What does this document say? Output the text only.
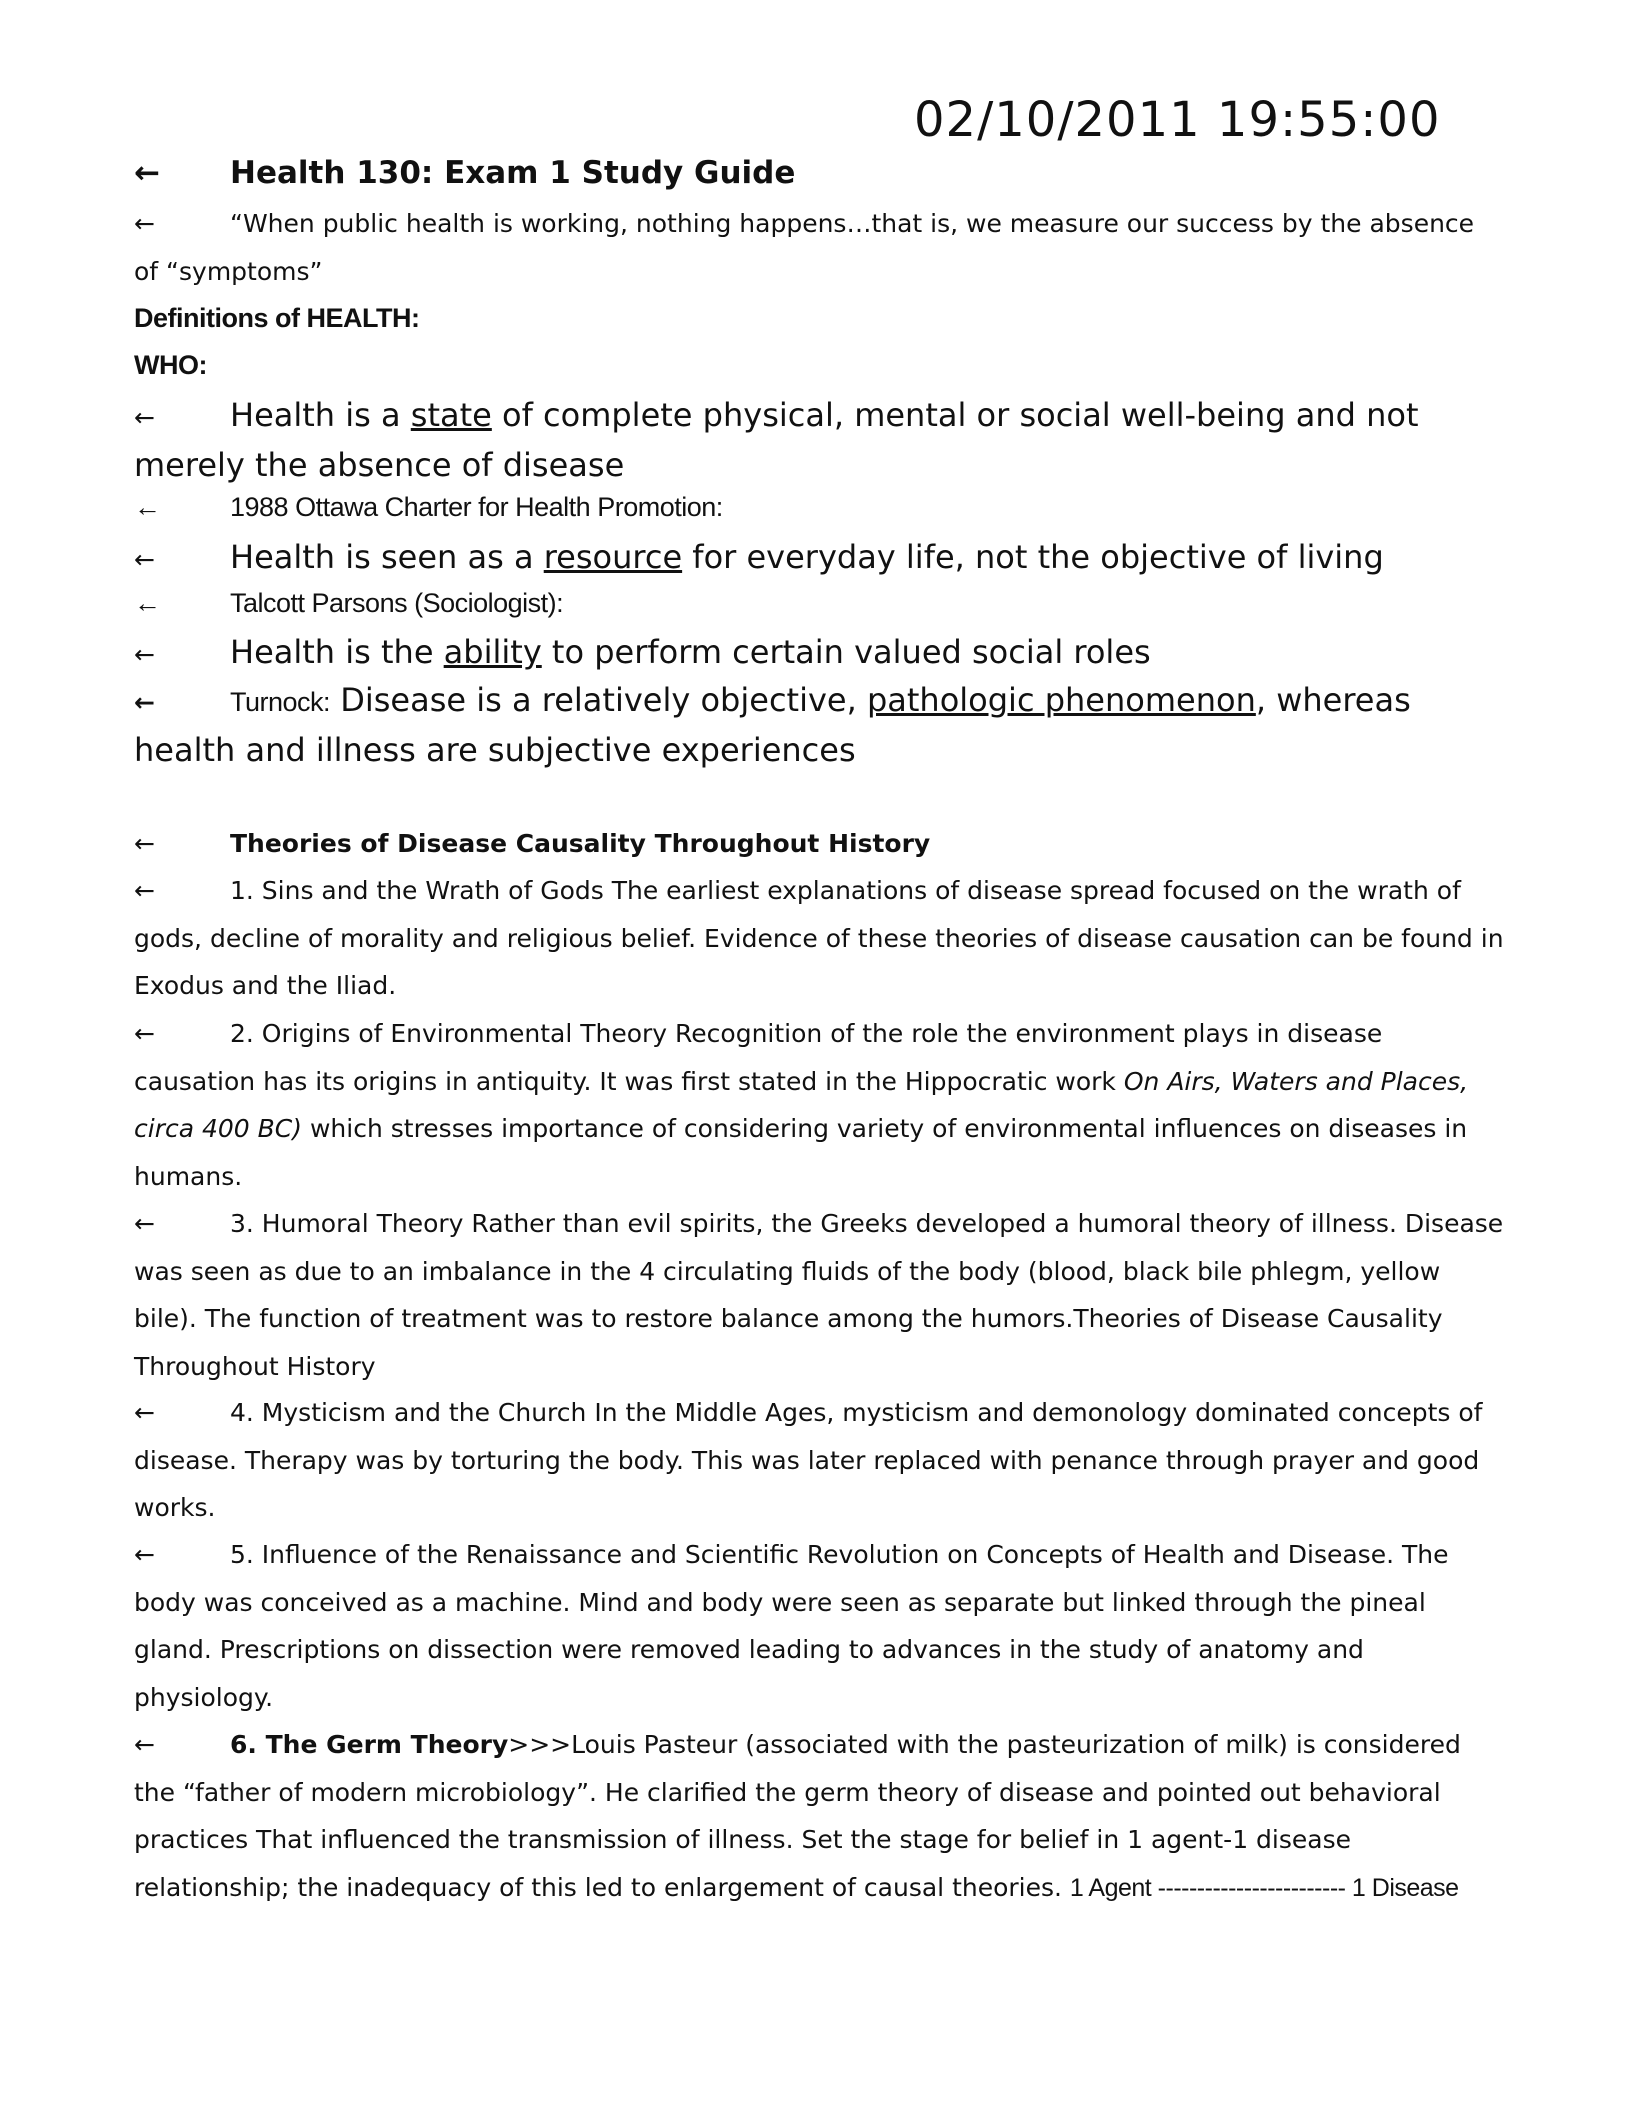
02/10/2011 19:55:00
← Health 130: Exam 1 Study Guide
←	“When public health is working, nothing happens…that is, we measure our success by the absence of “symptoms”
Definitions of HEALTH:
WHO:
← Health is a state of complete physical, mental or social well-being and not merely the absence of disease
←	1988 Ottawa Charter for Health Promotion:
← Health is seen as a resource for everyday life, not the objective of living
←	Talcott Parsons (Sociologist):
← Health is the ability to perform certain valued social roles
←	Turnock: Disease is a relatively objective, pathologic phenomenon, whereas health and illness are subjective experiences
←	Theories of Disease Causality Throughout History
←	1. Sins and the Wrath of Gods The earliest explanations of disease spread focused on the wrath of gods, decline of morality and religious belief. Evidence of these theories of disease causation can be found in Exodus and the Iliad.
←	2. Origins of Environmental Theory Recognition of the role the environment plays in disease causation has its origins in antiquity. It was first stated in the Hippocratic work On Airs, Waters and Places, circa 400 BC) which stresses importance of considering variety of environmental influences on diseases in humans.
←	3. Humoral Theory Rather than evil spirits, the Greeks developed a humoral theory of illness. Disease was seen as due to an imbalance in the 4 circulating fluids of the body (blood, black bile phlegm, yellow bile). The function of treatment was to restore balance among the humors.Theories of Disease Causality Throughout History
←	4. Mysticism and the Church In the Middle Ages, mysticism and demonology dominated concepts of disease. Therapy was by torturing the body. This was later replaced with penance through prayer and good works.
←	5. Influence of the Renaissance and Scientific Revolution on Concepts of Health and Disease. The body was conceived as a machine. Mind and body were seen as separate but linked through the pineal gland. Prescriptions on dissection were removed leading to advances in the study of anatomy and physiology.
←	6. The Germ Theory>>>Louis Pasteur (associated with the pasteurization of milk) is considered the “father of modern microbiology”. He clarified the germ theory of disease and pointed out behavioral practices That influenced the transmission of illness. Set the stage for belief in 1 agent-1 disease relationship; the inadequacy of this led to enlargement of causal theories. 1 Agent ------------------------ 1 Disease
